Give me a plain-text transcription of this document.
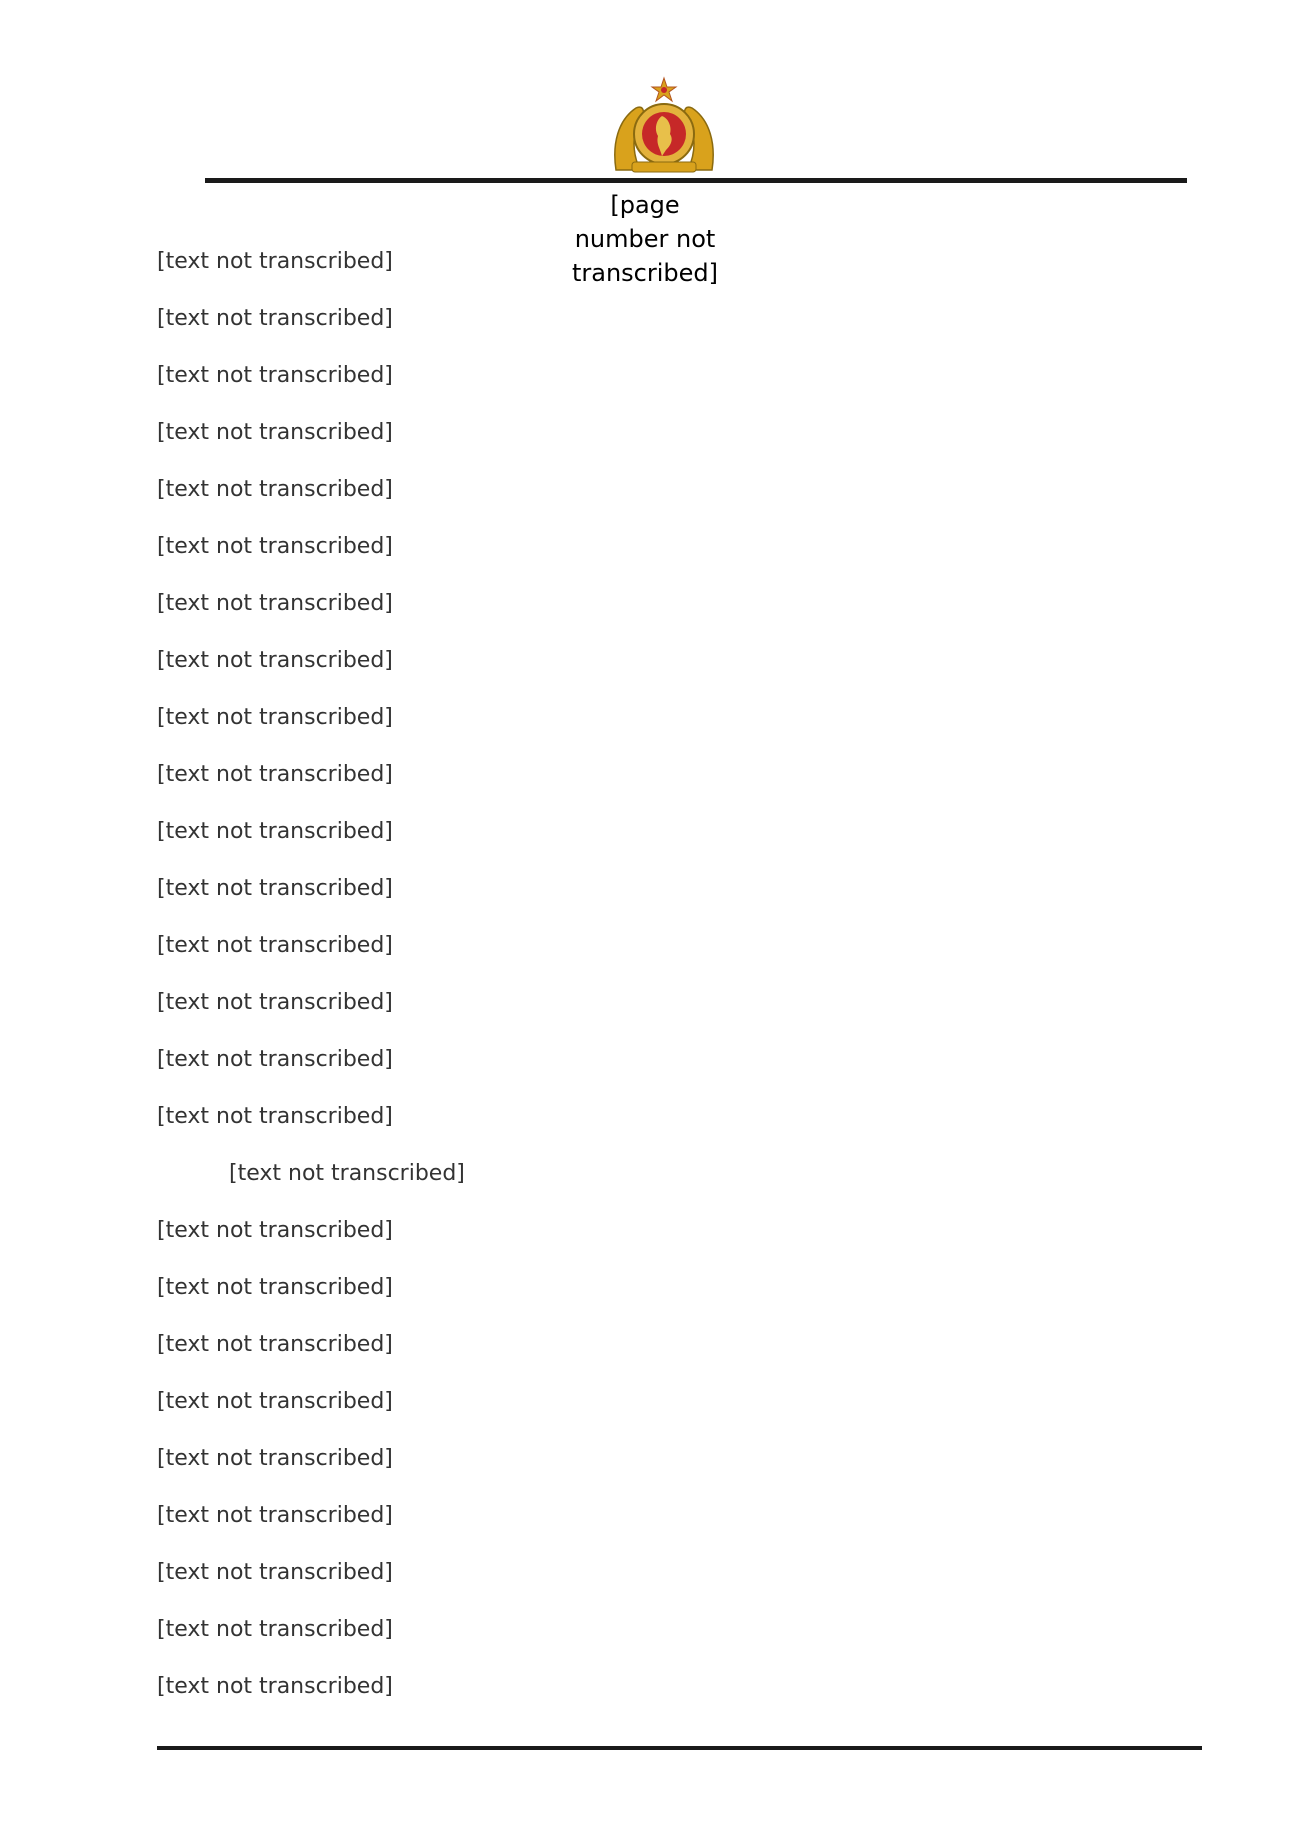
[page number not transcribed]
[text not transcribed]
[text not transcribed]
[text not transcribed]
[text not transcribed]
[text not transcribed]
[text not transcribed]
[text not transcribed]
[text not transcribed]
[text not transcribed]
[text not transcribed]
[text not transcribed]
[text not transcribed]
[text not transcribed]
[text not transcribed]
[text not transcribed]
[text not transcribed]
[text not transcribed]
[text not transcribed]
[text not transcribed]
[text not transcribed]
[text not transcribed]
[text not transcribed]
[text not transcribed]
[text not transcribed]
[text not transcribed]
[text not transcribed]
